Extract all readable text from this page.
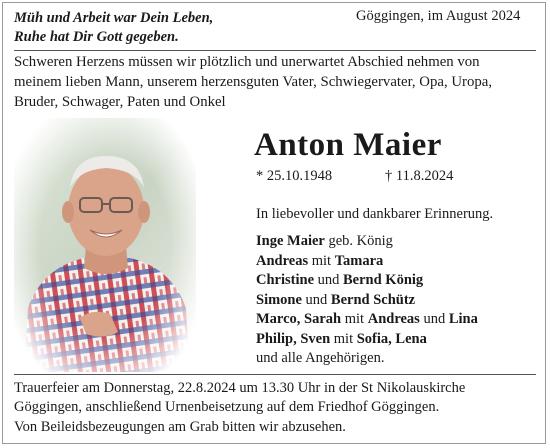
Müh und Arbeit war Dein Leben,
Ruhe hat Dir Gott gegeben.
Göggingen, im August 2024
Schweren Herzens müssen wir plötzlich und unerwartet Abschied nehmen von
meinem lieben Mann, unserem herzensguten Vater, Schwiegervater, Opa, Uropa,
Bruder, Schwager, Paten und Onkel
Anton Maier
* 25.10.1948	† 11.8.2024
In liebevoller und dankbarer Erinnerung.
Inge Maier geb. König
Andreas mit Tamara
Christine und Bernd König
Simone und Bernd Schütz
Marco, Sarah mit Andreas und Lina
Philip, Sven mit Sofia, Lena
und alle Angehörigen.
Trauerfeier am Donnerstag, 22.8.2024 um 13.30 Uhr in der St Nikolauskirche
Göggingen, anschließend Urnenbeisetzung auf dem Friedhof Göggingen.
Von Beileidsbezeugungen am Grab bitten wir abzusehen.
